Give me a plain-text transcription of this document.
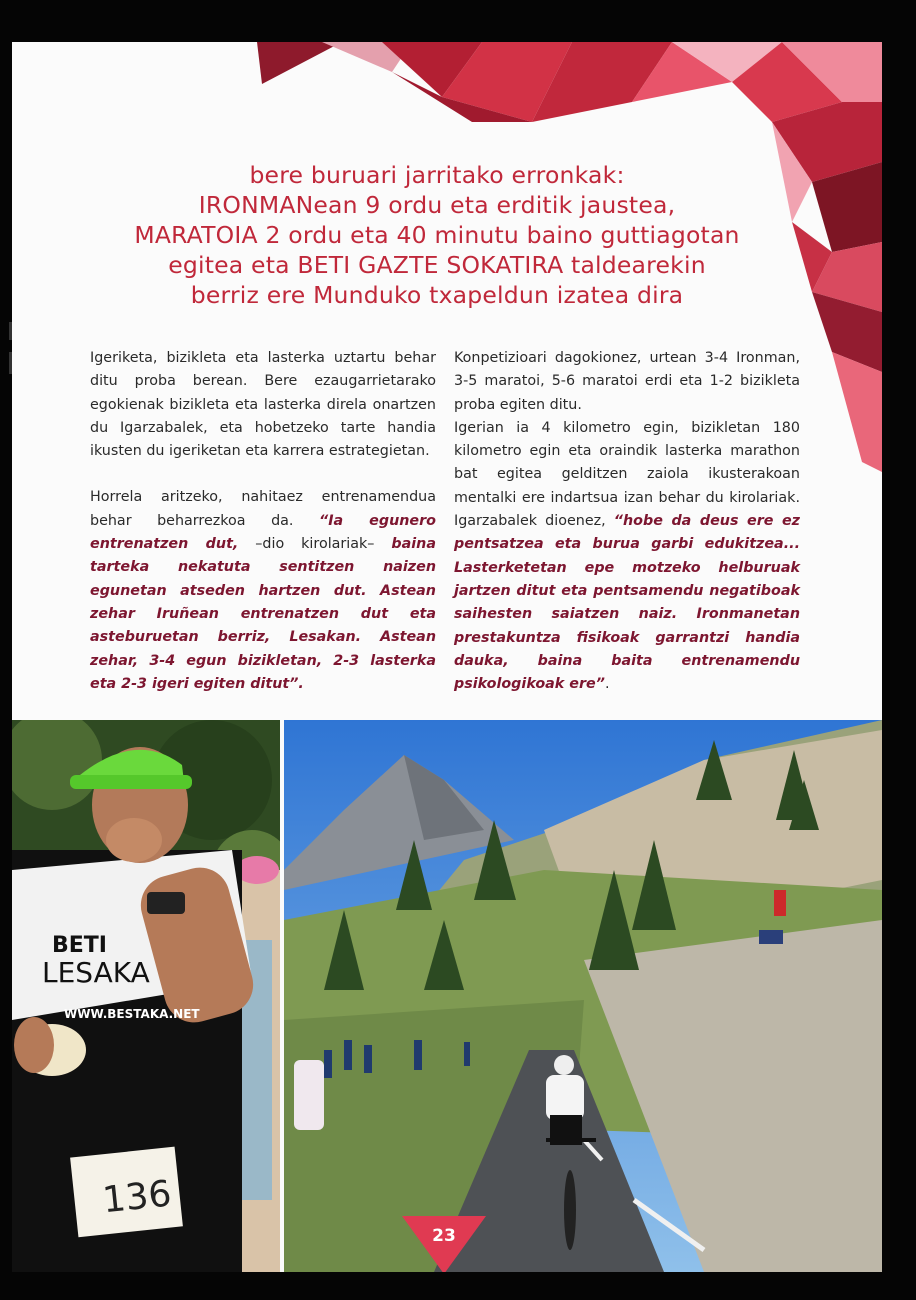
bere buruari jarritako erronkak:
IRONMANean 9 ordu eta erditik jaustea,
MARATOIA 2 ordu eta 40 minutu baino guttiagotan
egitea eta BETI GAZTE SOKATIRA taldearekin
berriz ere Munduko txapeldun izatea dira

Igeriketa, bizikleta eta lasterka uztartu behar ditu proba berean. Bere ezaugarrietarako egokienak bizikleta eta lasterka direla onartzen du Igarzabalek, eta hobetzeko tarte handia ikusten du igeriketan eta karrera estrategietan.

Horrela aritzeko, nahitaez entrenamendua behar beharrezkoa da. “Ia egunero entrenatzen dut, –dio kirolariak– baina tarteka nekatuta sentitzen naizen egunetan atseden hartzen dut. Astean zehar Iruñean entrenatzen dut eta asteburuetan berriz, Lesakan. Astean zehar, 3-4 egun bizikletan, 2-3 lasterka eta 2-3 igeri egiten ditut”.

Konpetizioari dagokionez, urtean 3-4 Ironman, 3-5 maratoi, 5-6 maratoi erdi eta 1-2 bizikleta proba egiten ditu.

Igerian ia 4 kilometro egin, bizikletan 180 kilometro egin eta oraindik lasterka marathon bat egitea gelditzen zaiola ikusterakoan mentalki ere indartsua izan behar du kirolariak. Igarzabalek dioenez, “hobe da deus ere ez pentsatzea eta burua garbi edukitzea... Lasterketetan epe motzeko helburuak jartzen ditut eta pentsamendu negatiboak saihesten saiatzen naiz. Ironmanetan prestakuntza fisikoak garrantzi handia dauka, baina baita entrenamendu psikologikoak ere”.

BETI
LESAKA
WWW.BESTAKA.NET
136
23
